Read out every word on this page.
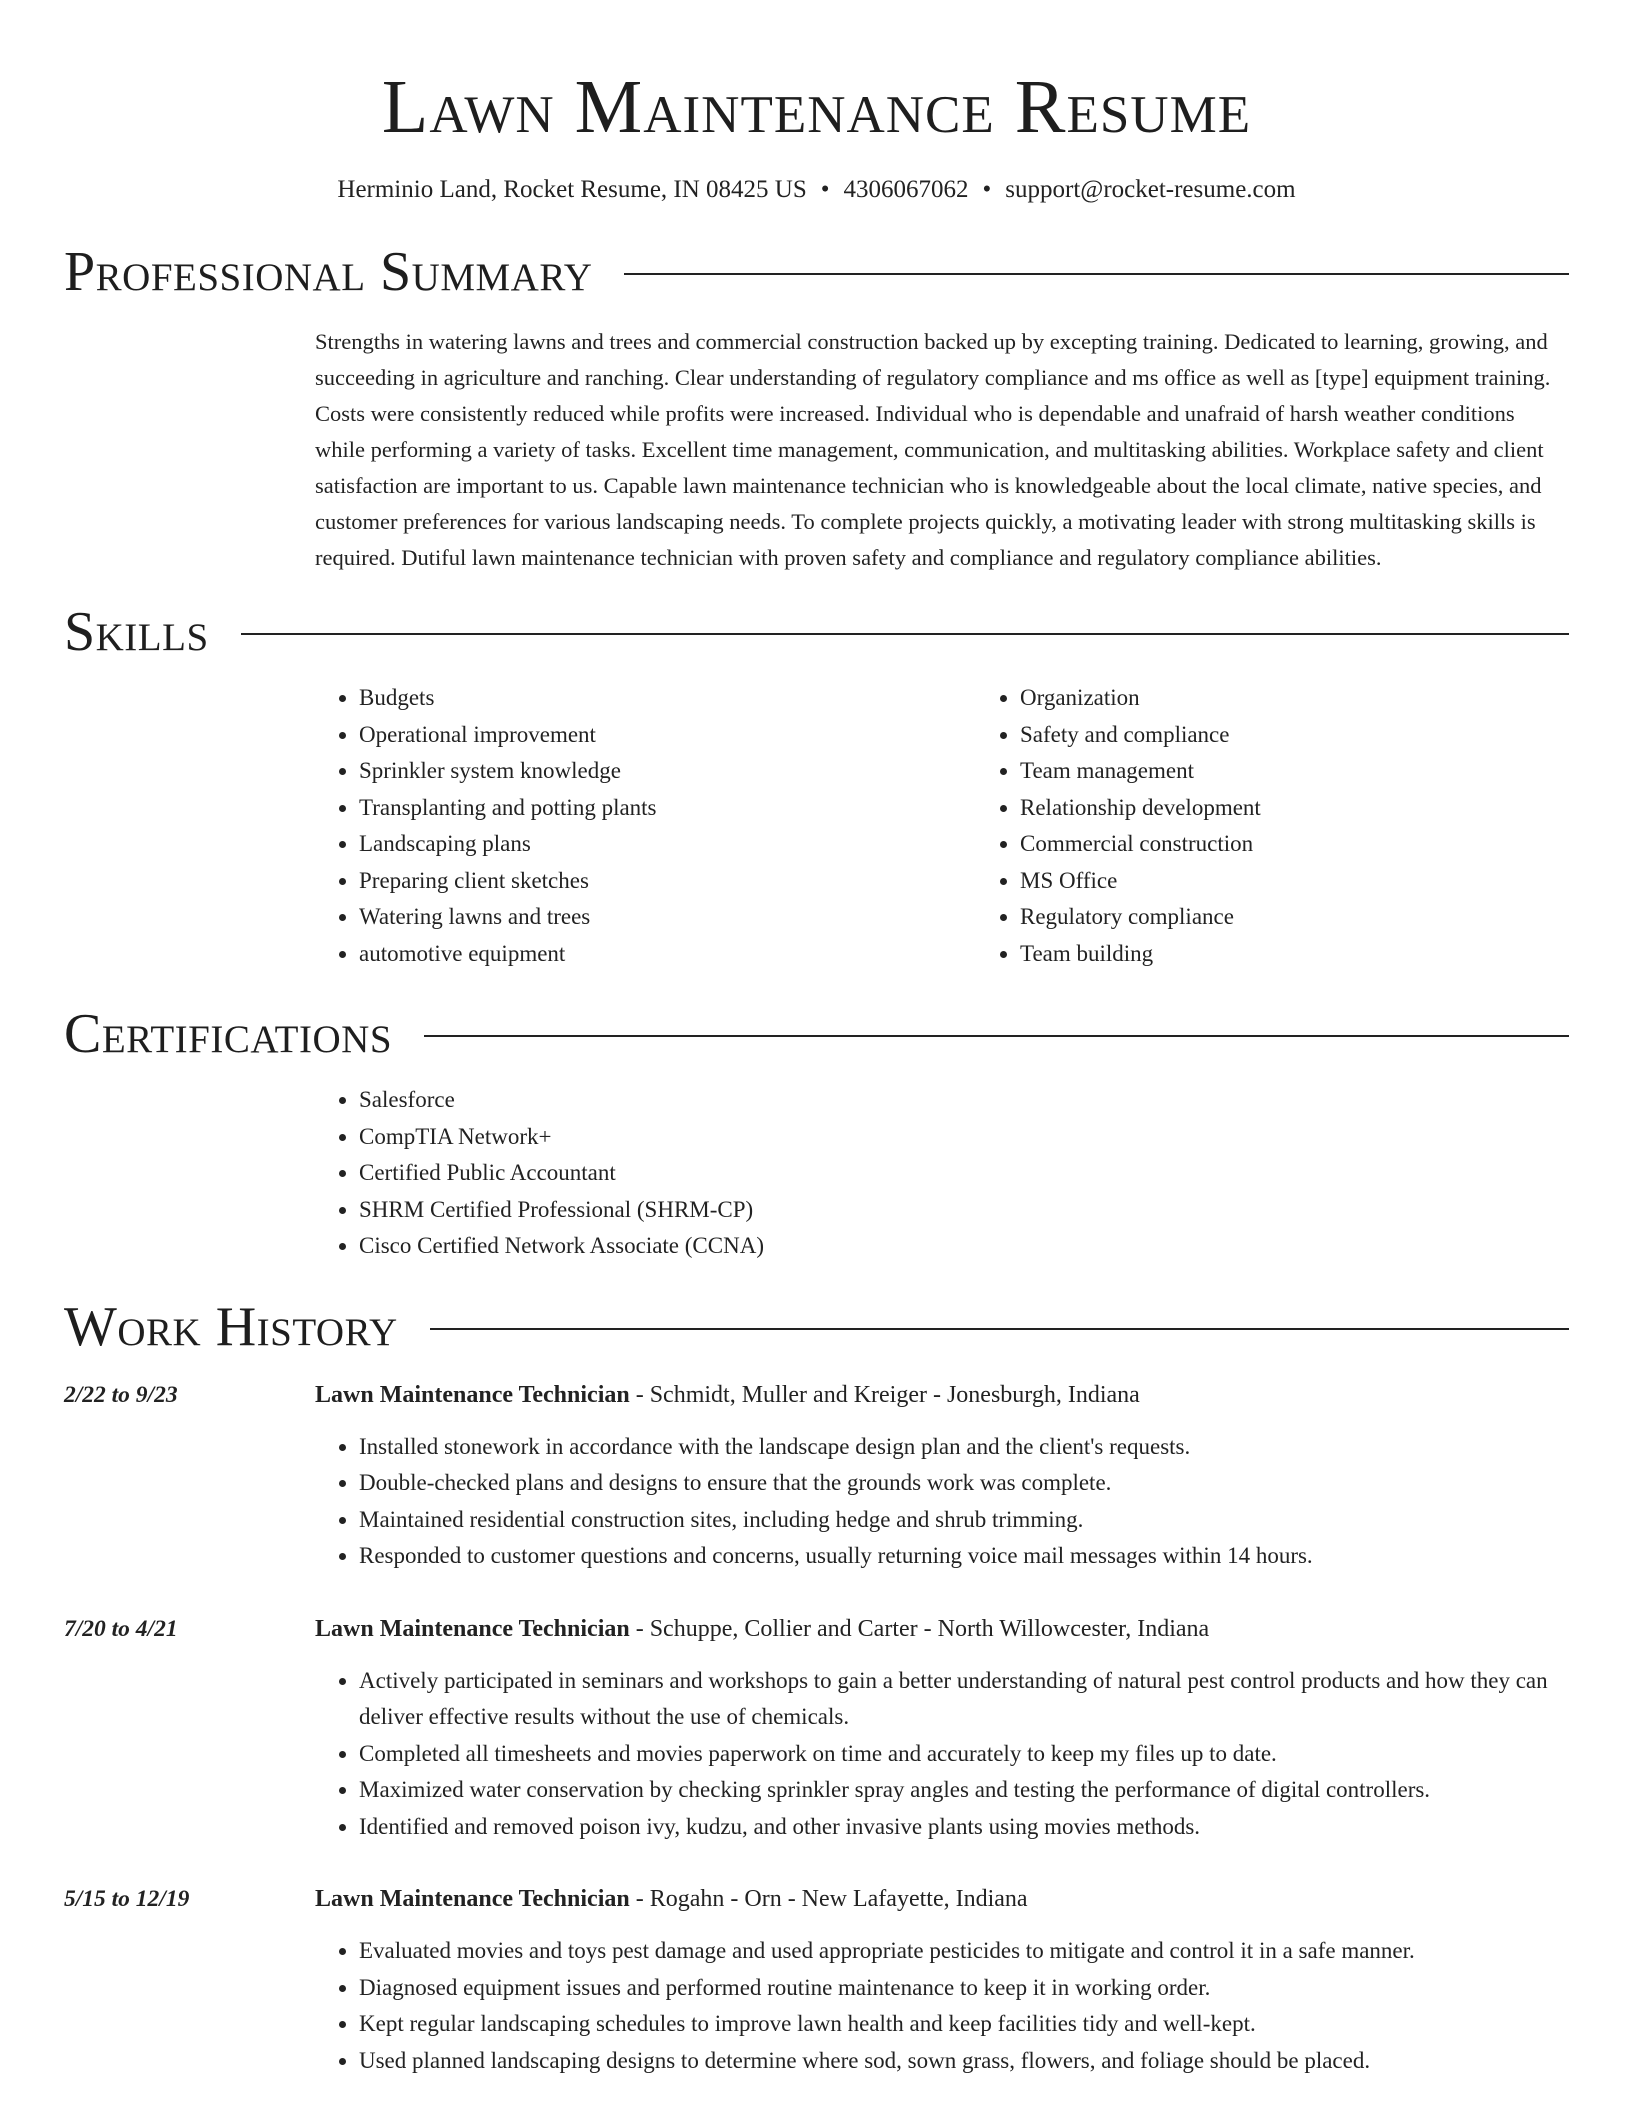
Lawn Maintenance Resume
Herminio Land, Rocket Resume, IN 08425 US • 4306067062 • support@rocket-resume.com
Professional Summary
Strengths in watering lawns and trees and commercial construction backed up by excepting training. Dedicated to learning, growing, and succeeding in agriculture and ranching. Clear understanding of regulatory compliance and ms office as well as [type] equipment training. Costs were consistently reduced while profits were increased. Individual who is dependable and unafraid of harsh weather conditions while performing a variety of tasks. Excellent time management, communication, and multitasking abilities. Workplace safety and client satisfaction are important to us. Capable lawn maintenance technician who is knowledgeable about the local climate, native species, and customer preferences for various landscaping needs. To complete projects quickly, a motivating leader with strong multitasking skills is required. Dutiful lawn maintenance technician with proven safety and compliance and regulatory compliance abilities.
Skills
• Budgets
• Operational improvement
• Sprinkler system knowledge
• Transplanting and potting plants
• Landscaping plans
• Preparing client sketches
• Watering lawns and trees
• automotive equipment
• Organization
• Safety and compliance
• Team management
• Relationship development
• Commercial construction
• MS Office
• Regulatory compliance
• Team building
Certifications
• Salesforce
• CompTIA Network+
• Certified Public Accountant
• SHRM Certified Professional (SHRM-CP)
• Cisco Certified Network Associate (CCNA)
Work History
2/22 to 9/23	Lawn Maintenance Technician - Schmidt, Muller and Kreiger - Jonesburgh, Indiana
• Installed stonework in accordance with the landscape design plan and the client's requests.
• Double-checked plans and designs to ensure that the grounds work was complete.
• Maintained residential construction sites, including hedge and shrub trimming.
• Responded to customer questions and concerns, usually returning voice mail messages within 14 hours.
7/20 to 4/21	Lawn Maintenance Technician - Schuppe, Collier and Carter - North Willowcester, Indiana
• Actively participated in seminars and workshops to gain a better understanding of natural pest control products and how they can deliver effective results without the use of chemicals.
• Completed all timesheets and movies paperwork on time and accurately to keep my files up to date.
• Maximized water conservation by checking sprinkler spray angles and testing the performance of digital controllers.
• Identified and removed poison ivy, kudzu, and other invasive plants using movies methods.
5/15 to 12/19	Lawn Maintenance Technician - Rogahn - Orn - New Lafayette, Indiana
• Evaluated movies and toys pest damage and used appropriate pesticides to mitigate and control it in a safe manner.
• Diagnosed equipment issues and performed routine maintenance to keep it in working order.
• Kept regular landscaping schedules to improve lawn health and keep facilities tidy and well-kept.
• Used planned landscaping designs to determine where sod, sown grass, flowers, and foliage should be placed.
